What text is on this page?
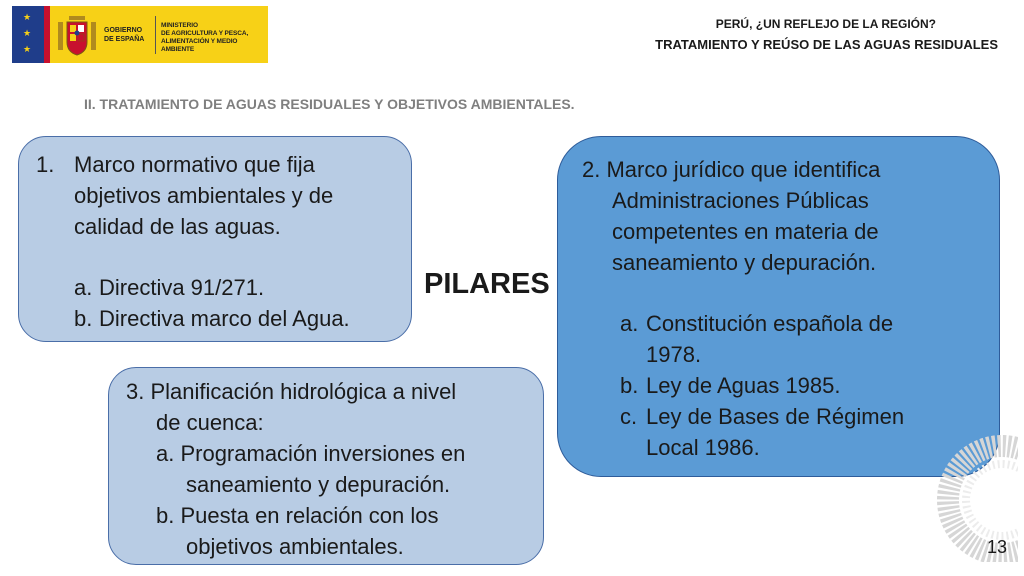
★
★
★
GOBIERNO
DE ESPAÑA
MINISTERIO
DE AGRICULTURA Y PESCA,
ALIMENTACIÓN Y MEDIO AMBIENTE
PERÚ, ¿UN REFLEJO DE LA REGIÓN?
TRATAMIENTO Y REÚSO DE LAS AGUAS RESIDUALES
II. TRATAMIENTO DE AGUAS RESIDUALES Y OBJETIVOS AMBIENTALES.
1. Marco normativo que fija
objetivos ambientales y de
calidad de las aguas.
a. Directiva 91/271.
b. Directiva marco del Agua.
PILARES
2. Marco jurídico que identifica
Administraciones Públicas
competentes en materia de
saneamiento y depuración.
a. Constitución española de
1978.
b. Ley de Aguas 1985.
c. Ley de Bases de Régimen
Local 1986.
3. Planificación hidrológica a nivel
de cuenca:
a. Programación inversiones en
saneamiento y depuración.
b. Puesta en relación con los
objetivos ambientales.	13
